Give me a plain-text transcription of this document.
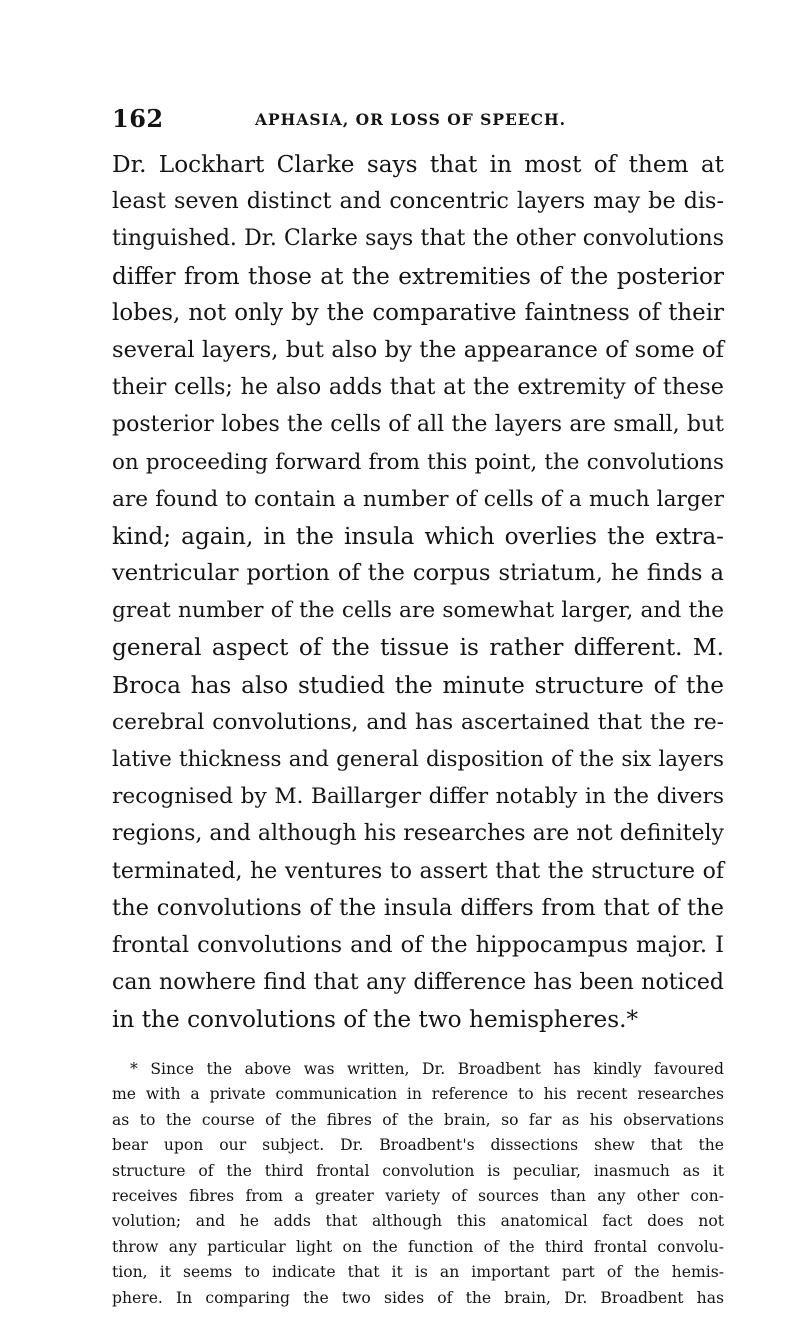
162	APHASIA, OR LOSS OF SPEECH.
Dr. Lockhart Clarke says that in most of them at
least seven distinct and concentric layers may be dis-
tinguished. Dr. Clarke says that the other convolutions
differ from those at the extremities of the posterior
lobes, not only by the comparative faintness of their
several layers, but also by the appearance of some of
their cells; he also adds that at the extremity of these
posterior lobes the cells of all the layers are small, but
on proceeding forward from this point, the convolutions
are found to contain a number of cells of a much larger
kind; again, in the insula which overlies the extra-
ventricular portion of the corpus striatum, he finds a
great number of the cells are somewhat larger, and the
general aspect of the tissue is rather different. M.
Broca has also studied the minute structure of the
cerebral convolutions, and has ascertained that the re-
lative thickness and general disposition of the six layers
recognised by M. Baillarger differ notably in the divers
regions, and although his researches are not definitely
terminated, he ventures to assert that the structure of
the convolutions of the insula differs from that of the
frontal convolutions and of the hippocampus major. I
can nowhere find that any difference has been noticed
in the convolutions of the two hemispheres.*
* Since the above was written, Dr. Broadbent has kindly favoured
me with a private communication in reference to his recent researches
as to the course of the fibres of the brain, so far as his observations
bear upon our subject. Dr. Broadbent's dissections shew that the
structure of the third frontal convolution is peculiar, inasmuch as it
receives fibres from a greater variety of sources than any other con-
volution; and he adds that although this anatomical fact does not
throw any particular light on the function of the third frontal convolu-
tion, it seems to indicate that it is an important part of the hemis-
phere. In comparing the two sides of the brain, Dr. Broadbent has
